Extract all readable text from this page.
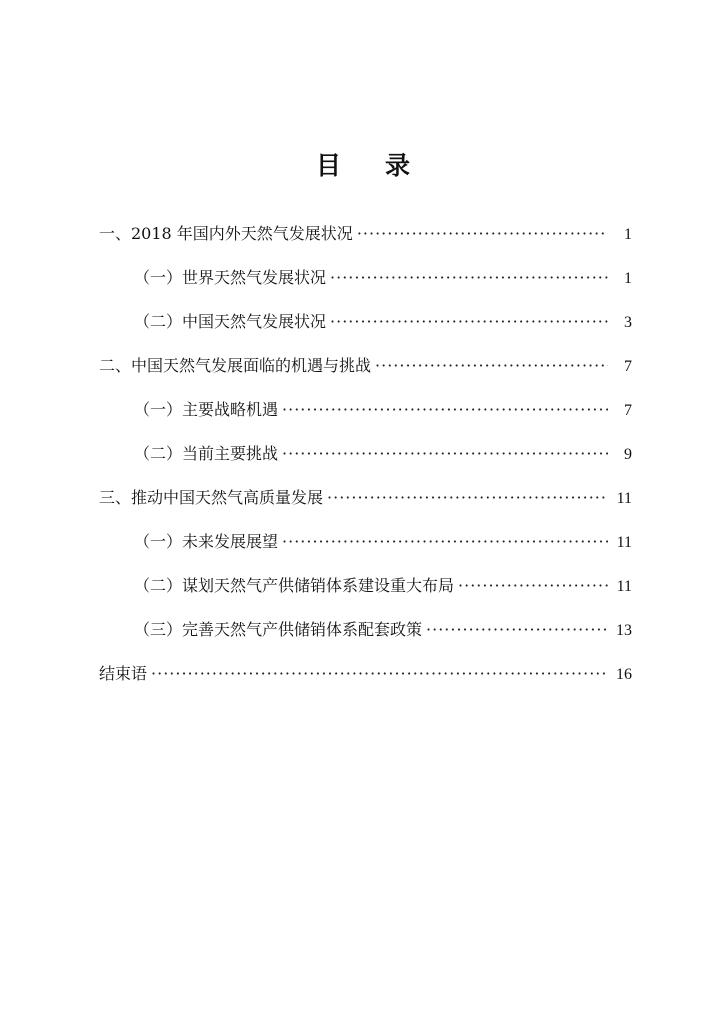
目 录
一、2018 年国内外天然气发展状况 ·····	1
（一）世界天然气发展状况 ·····	1
（二）中国天然气发展状况 ·····	3
二、中国天然气发展面临的机遇与挑战 ·····	7
（一）主要战略机遇 ·····	7
（二）当前主要挑战 ·····	9
三、推动中国天然气高质量发展 ·····	11
（一）未来发展展望 ·····	11
（二）谋划天然气产供储销体系建设重大布局 ·····	11
（三）完善天然气产供储销体系配套政策 ·····	13
结束语 ·····	16
